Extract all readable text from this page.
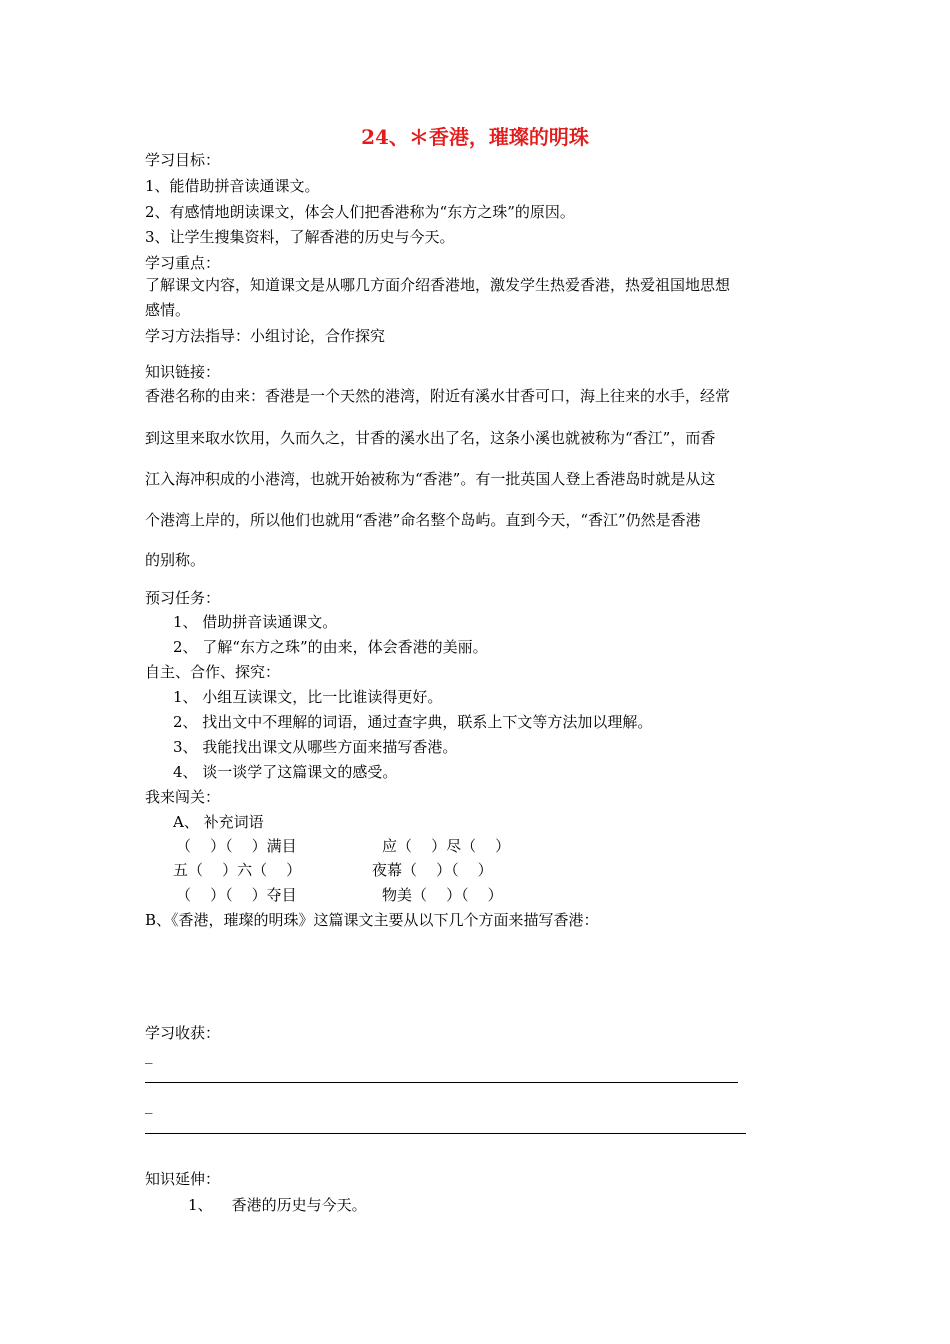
24、＊香港，璀璨的明珠
学习目标：
1、能借助拼音读通课文。
2、有感情地朗读课文，体会人们把香港称为“东方之珠”的原因。
3、让学生搜集资料，了解香港的历史与今天。
学习重点：
了解课文内容，知道课文是从哪几方面介绍香港地，激发学生热爱香港，热爱祖国地思想
感情。
学习方法指导：小组讨论，合作探究
知识链接：
香港名称的由来：香港是一个天然的港湾，附近有溪水甘香可口，海上往来的水手，经常
到这里来取水饮用，久而久之，甘香的溪水出了名，这条小溪也就被称为“香江”，而香
江入海冲积成的小港湾，也就开始被称为“香港”。有一批英国人登上香港岛时就是从这
个港湾上岸的，所以他们也就用“香港”命名整个岛屿。直到今天，“香江”仍然是香港
的别称。
预习任务：
1、 借助拼音读通课文。
2、 了解“东方之珠”的由来，体会香港的美丽。
自主、合作、探究：
1、 小组互读课文，比一比谁读得更好。
2、 找出文中不理解的词语，通过查字典，联系上下文等方法加以理解。
3、 我能找出课文从哪些方面来描写香港。
4、 谈一谈学了这篇课文的感受。
我来闯关：
A、 补充词语
（    ）（    ）满目	应（    ）尽（    ）
五（    ）六（    ）	夜幕（    ）（    ）
（    ）（    ）夺目	物美（    ）（    ）
B、《香港，璀璨的明珠》这篇课文主要从以下几个方面来描写香港：
学习收获：
_
_
知识延伸：
1、    香港的历史与今天。
